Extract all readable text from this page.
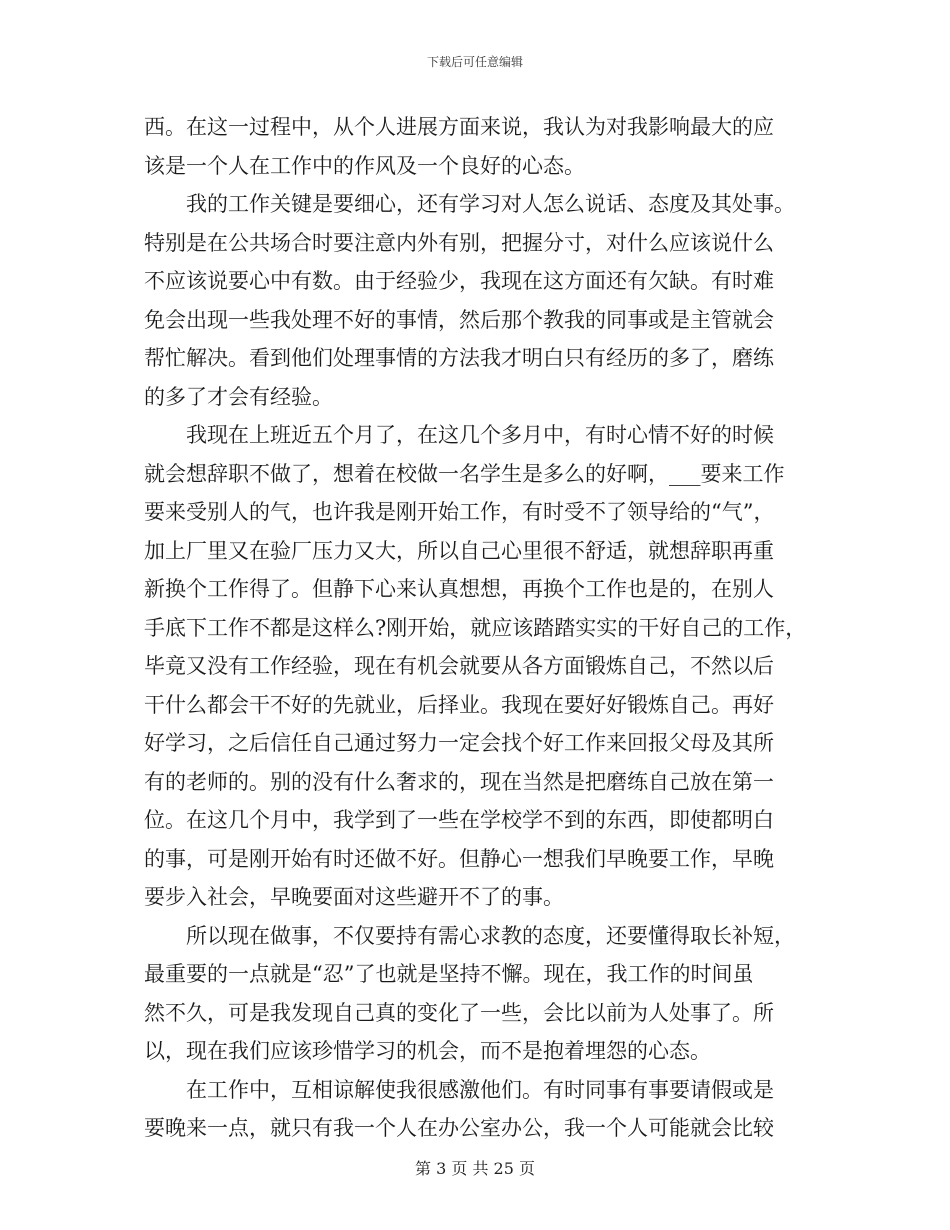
下载后可任意编辑
西。在这一过程中，从个人进展方面来说，我认为对我影响最大的应
该是一个人在工作中的作风及一个良好的心态。
　　我的工作关键是要细心，还有学习对人怎么说话、态度及其处事。
特别是在公共场合时要注意内外有别，把握分寸，对什么应该说什么
不应该说要心中有数。由于经验少，我现在这方面还有欠缺。有时难
免会出现一些我处理不好的事情，然后那个教我的同事或是主管就会
帮忙解决。看到他们处理事情的方法我才明白只有经历的多了，磨练
的多了才会有经验。
　　我现在上班近五个月了，在这几个多月中，有时心情不好的时候
就会想辞职不做了，想着在校做一名学生是多么的好啊，___要来工作
要来受别人的气，也许我是刚开始工作，有时受不了领导给的“气”，
加上厂里又在验厂压力又大，所以自己心里很不舒适，就想辞职再重
新换个工作得了。但静下心来认真想想，再换个工作也是的，在别人
手底下工作不都是这样么?刚开始，就应该踏踏实实的干好自己的工作，
毕竟又没有工作经验，现在有机会就要从各方面锻炼自己，不然以后
干什么都会干不好的先就业，后择业。我现在要好好锻炼自己。再好
好学习，之后信任自己通过努力一定会找个好工作来回报父母及其所
有的老师的。别的没有什么奢求的，现在当然是把磨练自己放在第一
位。在这几个月中，我学到了一些在学校学不到的东西，即使都明白
的事，可是刚开始有时还做不好。但静心一想我们早晚要工作，早晚
要步入社会，早晚要面对这些避开不了的事。
　　所以现在做事，不仅要持有需心求教的态度，还要懂得取长补短，
最重要的一点就是“忍”了也就是坚持不懈。现在，我工作的时间虽
然不久，可是我发现自己真的变化了一些，会比以前为人处事了。所
以，现在我们应该珍惜学习的机会，而不是抱着埋怨的心态。
　　在工作中，互相谅解使我很感激他们。有时同事有事要请假或是
要晚来一点，就只有我一个人在办公室办公，我一个人可能就会比较
第 3 页 共 25 页
